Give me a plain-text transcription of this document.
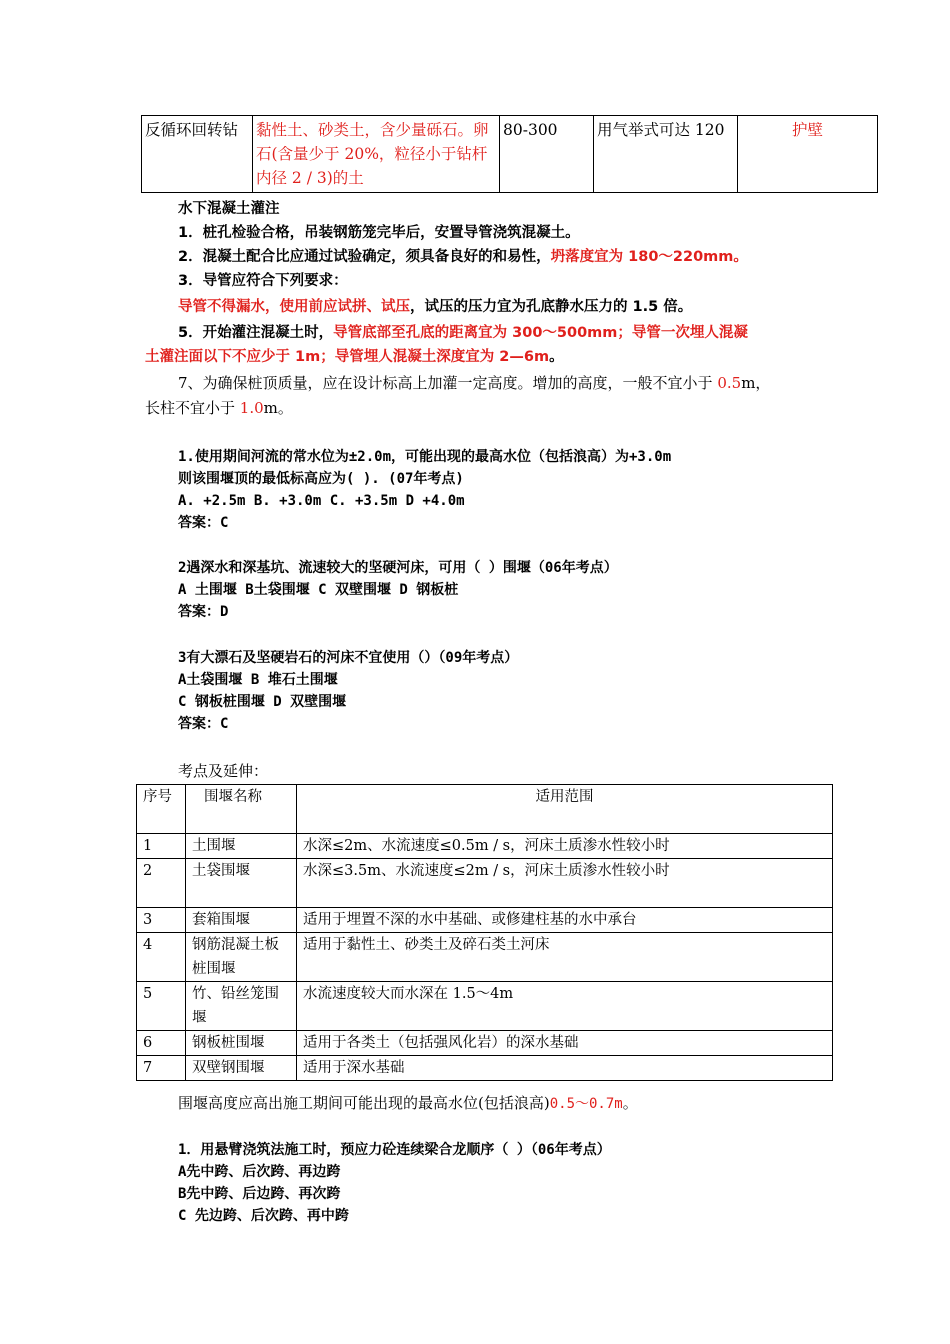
反循环回转钻	黏性土、砂类土，含少量砾石。卵石(含量少于 20%，粒径小于钻杆内径 2 / 3)的土	80-300	用气举式可达 120	护壁
水下混凝土灌注
1．桩孔检验合格，吊装钢筋笼完毕后，安置导管浇筑混凝土。
2．混凝土配合比应通过试验确定，须具备良好的和易性，坍落度宜为 180～220mm。
3．导管应符合下列要求：
导管不得漏水，使用前应试拼、试压，试压的压力宜为孔底静水压力的 1.5 倍。
5．开始灌注混凝土时，导管底部至孔底的距离宜为 300～500mm；导管一次埋人混凝
土灌注面以下不应少于 1m；导管埋人混凝土深度宜为 2—6m。
7、为确保桩顶质量，应在设计标高上加灌一定高度。增加的高度，一般不宜小于 0.5m，
长柱不宜小于 1.0m。
1.使用期间河流的常水位为±2.0m，可能出现的最高水位（包括浪高）为+3.0m
则该围堰顶的最低标高应为( ). (07年考点)
A. +2.5m B. +3.0m C. +3.5m D +4.0m
答案：C
2遇深水和深基坑、流速较大的坚硬河床，可用（ ）围堰（06年考点）
A 土围堰 B土袋围堰 C 双壁围堰 D 钢板桩
答案：D
3有大漂石及坚硬岩石的河床不宜使用（）（09年考点）
A土袋围堰 B 堆石土围堰
C 钢板桩围堰 D 双壁围堰
答案：C
考点及延伸：
序号	围堰名称	适用范围
1	土围堰	水深≤2m、水流速度≤0.5m / s，河床土质渗水性较小时
2	土袋围堰	水深≤3.5m、水流速度≤2m / s，河床土质渗水性较小时
3	套箱围堰	适用于埋置不深的水中基础、或修建柱基的水中承台
4	钢筋混凝土板桩围堰	适用于黏性土、砂类土及碎石类土河床
5	竹、铅丝笼围堰	水流速度较大而水深在 1.5～4m
6	钢板桩围堰	适用于各类土（包括强风化岩）的深水基础
7	双壁钢围堰	适用于深水基础
围堰高度应高出施工期间可能出现的最高水位(包括浪高)0.5～0.7m。
1．用悬臂浇筑法施工时，预应力砼连续梁合龙顺序（ ）（06年考点）
A先中跨、后次跨、再边跨
B先中跨、后边跨、再次跨
C 先边跨、后次跨、再中跨
